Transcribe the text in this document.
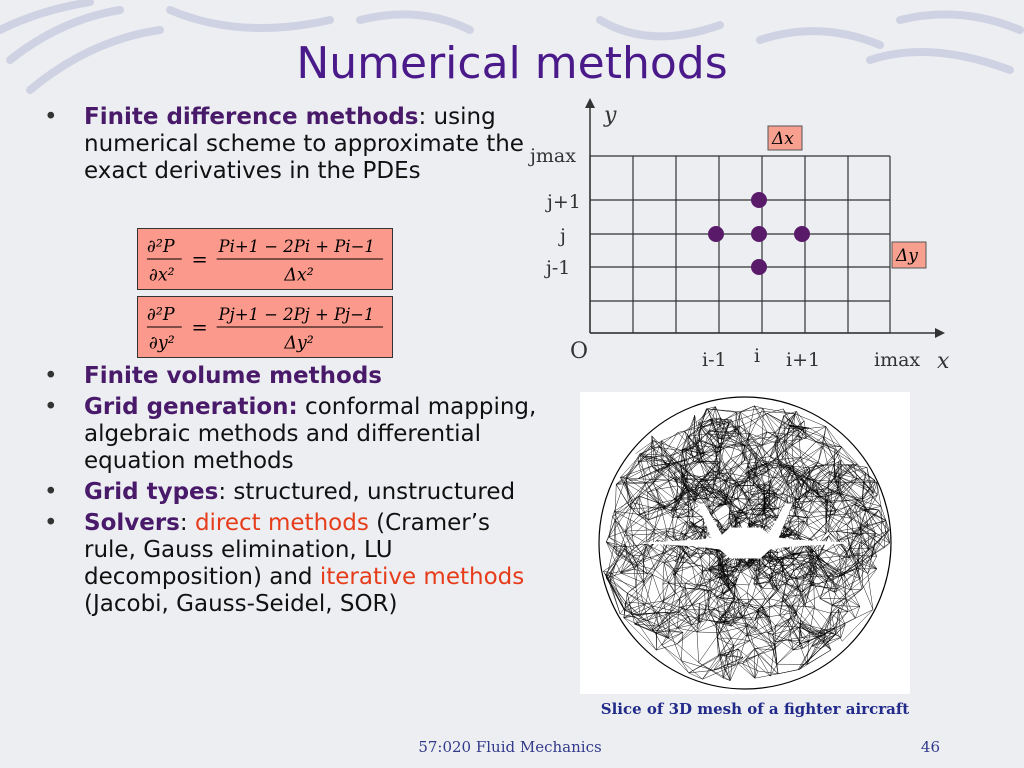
Numerical methods
• Finite difference methods: using numerical scheme to approximate the exact derivatives in the PDEs
• Finite volume methods
• Grid generation: conformal mapping, algebraic methods and differential equation methods
• Grid types: structured, unstructured
• Solvers: direct methods (Cramer’s rule, Gauss elimination, LU decomposition) and iterative methods (Jacobi, Gauss-Seidel, SOR)
∂²P
∂x²
=
Pi+1 − 2Pi + Pi−1
Δx²
∂²P
∂y²
=
Pj+1 − 2Pj + Pj−1
Δy²
y
x
O
jmax
j+1
j
j-1
i-1 i i+1	imax
Δx
Δy
Slice of 3D mesh of a fighter aircraft
57:020 Fluid Mechanics	46
